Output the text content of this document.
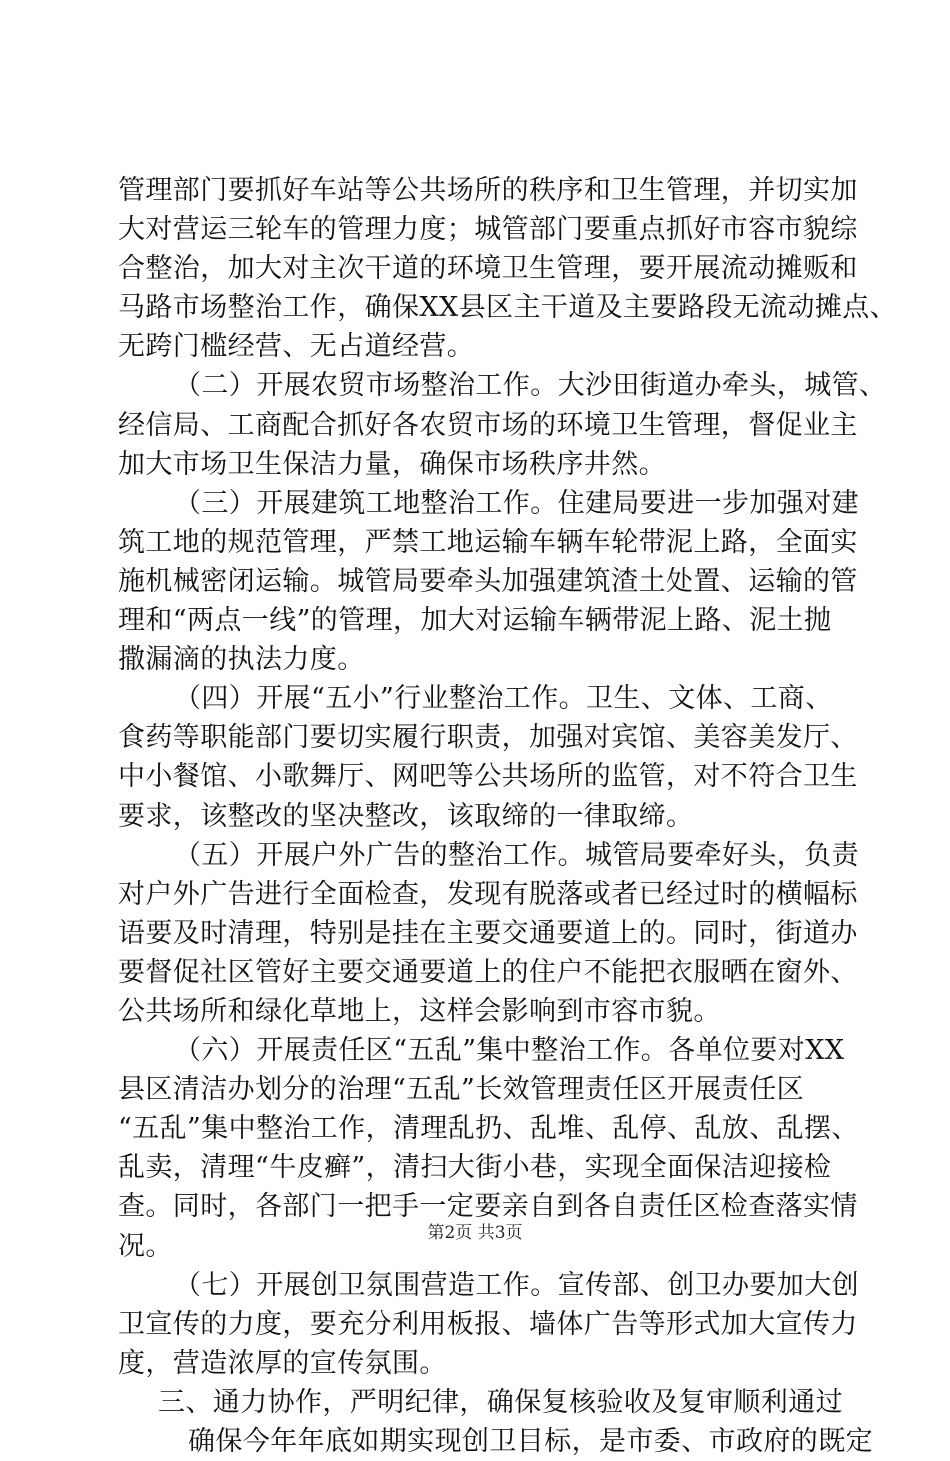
管理部门要抓好车站等公共场所的秩序和卫生管理，并切实加
大对营运三轮车的管理力度；城管部门要重点抓好市容市貌综
合整治，加大对主次干道的环境卫生管理，要开展流动摊贩和
马路市场整治工作，确保XX县区主干道及主要路段无流动摊点、
无跨门槛经营、无占道经营。
（二）开展农贸市场整治工作。大沙田街道办牵头，城管、
经信局、工商配合抓好各农贸市场的环境卫生管理，督促业主
加大市场卫生保洁力量，确保市场秩序井然。
（三）开展建筑工地整治工作。住建局要进一步加强对建
筑工地的规范管理，严禁工地运输车辆车轮带泥上路，全面实
施机械密闭运输。城管局要牵头加强建筑渣土处置、运输的管
理和“两点一线”的管理，加大对运输车辆带泥上路、泥土抛
撒漏滴的执法力度。
（四）开展“五小”行业整治工作。卫生、文体、工商、
食药等职能部门要切实履行职责，加强对宾馆、美容美发厅、
中小餐馆、小歌舞厅、网吧等公共场所的监管，对不符合卫生
要求，该整改的坚决整改，该取缔的一律取缔。
（五）开展户外广告的整治工作。城管局要牵好头，负责
对户外广告进行全面检查，发现有脱落或者已经过时的横幅标
语要及时清理，特别是挂在主要交通要道上的。同时，街道办
要督促社区管好主要交通要道上的住户不能把衣服晒在窗外、
公共场所和绿化草地上，这样会影响到市容市貌。
（六）开展责任区“五乱”集中整治工作。各单位要对XX
县区清洁办划分的治理“五乱”长效管理责任区开展责任区
“五乱”集中整治工作，清理乱扔、乱堆、乱停、乱放、乱摆、
乱卖，清理“牛皮癣”，清扫大街小巷，实现全面保洁迎接检
查。同时，各部门一把手一定要亲自到各自责任区检查落实情
况。
（七）开展创卫氛围营造工作。宣传部、创卫办要加大创
卫宣传的力度，要充分利用板报、墙体广告等形式加大宣传力
度，营造浓厚的宣传氛围。
三、通力协作，严明纪律，确保复核验收及复审顺利通过
确保今年年底如期实现创卫目标，是市委、市政府的既定
第2页 共3页
